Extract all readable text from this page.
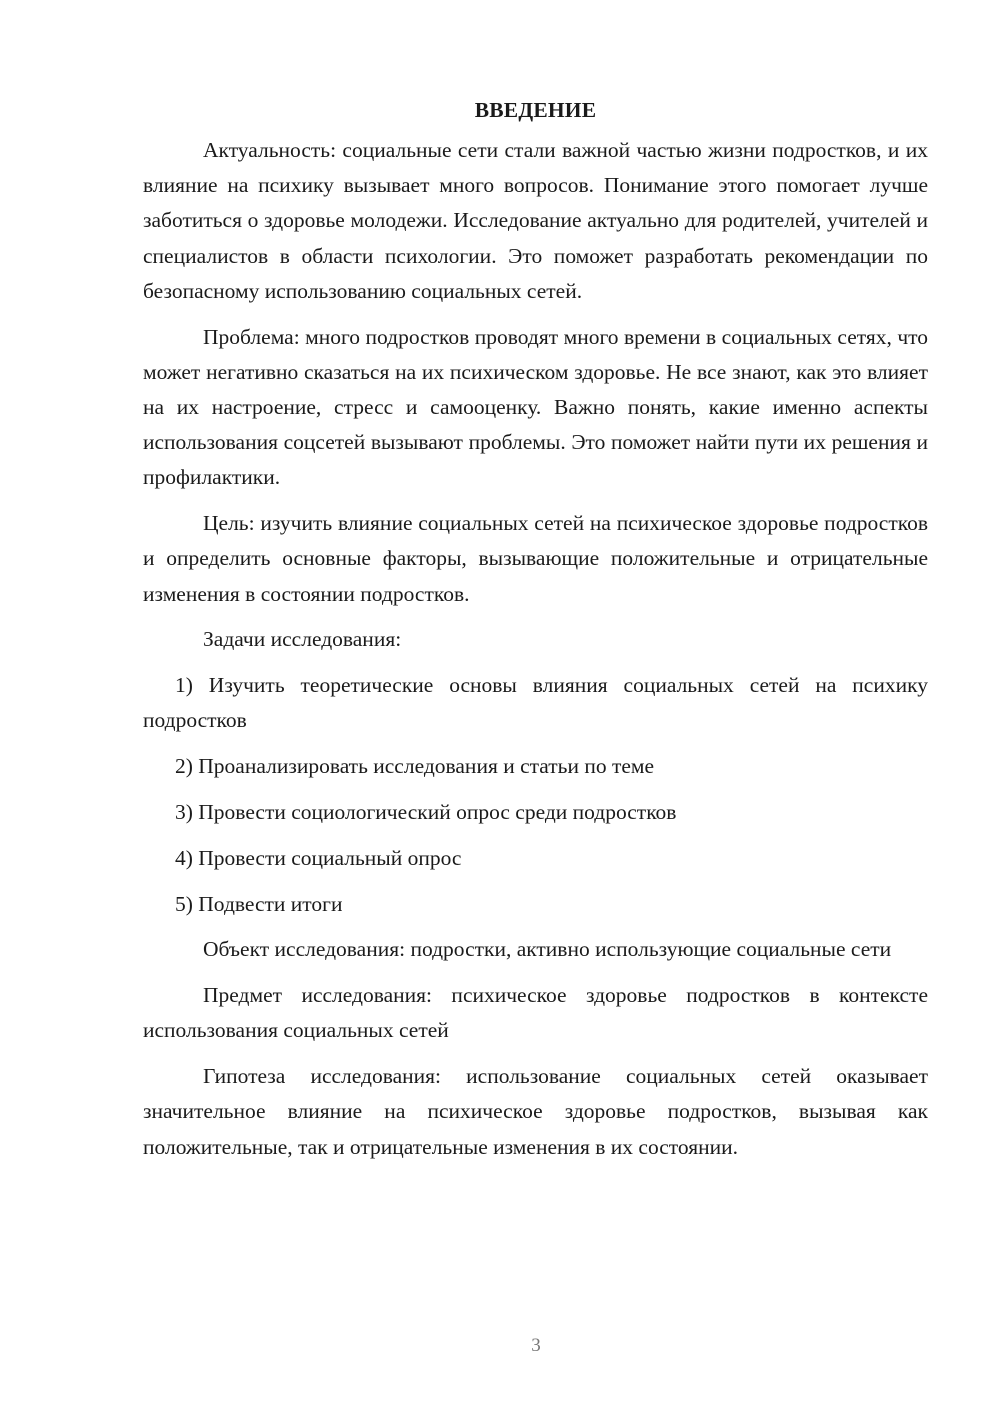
ВВЕДЕНИЕ

Актуальность: социальные сети стали важной частью жизни подростков, и их влияние на психику вызывает много вопросов. Понимание этого помогает лучше заботиться о здоровье молодежи. Исследование актуально для родителей, учителей и специалистов в области психологии. Это поможет разработать рекомендации по безопасному использованию социальных сетей.

Проблема: много подростков проводят много времени в социальных сетях, что может негативно сказаться на их психическом здоровье. Не все знают, как это влияет на их настроение, стресс и самооценку. Важно понять, какие именно аспекты использования соцсетей вызывают проблемы. Это поможет найти пути их решения и профилактики.

Цель: изучить влияние социальных сетей на психическое здоровье подростков и определить основные факторы, вызывающие положительные и отрицательные изменения в состоянии подростков.

Задачи исследования:

1) Изучить теоретические основы влияния социальных сетей на психику подростков

2) Проанализировать исследования и статьи по теме

3) Провести социологический опрос среди подростков

4) Провести социальный опрос

5) Подвести итоги

Объект исследования: подростки, активно использующие социальные сети

Предмет исследования: психическое здоровье подростков в контексте использования социальных сетей

Гипотеза исследования: использование социальных сетей оказывает значительное влияние на психическое здоровье подростков, вызывая как положительные, так и отрицательные изменения в их состоянии.

3
